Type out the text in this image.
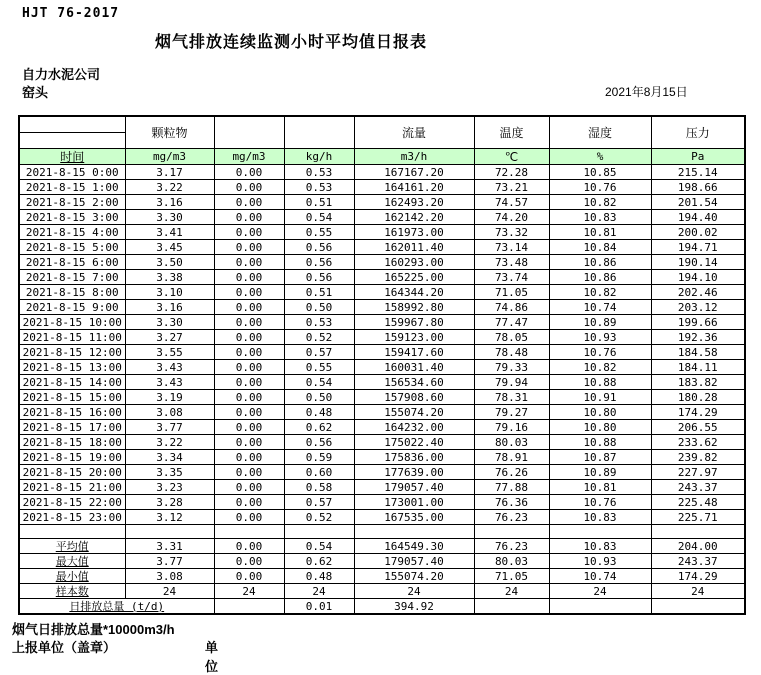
HJT 76-2017
烟气排放连续监测小时平均值日报表
自力水泥公司
窑头	2021年8月15日
	颗粒物			流量	温度	湿度	压力
时间	mg/m3	mg/m3	kg/h	m3/h	℃	%	Pa
2021-8-15 0:00	3.17	0.00	0.53	167167.20	72.28	10.85	215.14
2021-8-15 1:00	3.22	0.00	0.53	164161.20	73.21	10.76	198.66
2021-8-15 2:00	3.16	0.00	0.51	162493.20	74.57	10.82	201.54
2021-8-15 3:00	3.30	0.00	0.54	162142.20	74.20	10.83	194.40
2021-8-15 4:00	3.41	0.00	0.55	161973.00	73.32	10.81	200.02
2021-8-15 5:00	3.45	0.00	0.56	162011.40	73.14	10.84	194.71
2021-8-15 6:00	3.50	0.00	0.56	160293.00	73.48	10.86	190.14
2021-8-15 7:00	3.38	0.00	0.56	165225.00	73.74	10.86	194.10
2021-8-15 8:00	3.10	0.00	0.51	164344.20	71.05	10.82	202.46
2021-8-15 9:00	3.16	0.00	0.50	158992.80	74.86	10.74	203.12
2021-8-15 10:00	3.30	0.00	0.53	159967.80	77.47	10.89	199.66
2021-8-15 11:00	3.27	0.00	0.52	159123.00	78.05	10.93	192.36
2021-8-15 12:00	3.55	0.00	0.57	159417.60	78.48	10.76	184.58
2021-8-15 13:00	3.43	0.00	0.55	160031.40	79.33	10.82	184.11
2021-8-15 14:00	3.43	0.00	0.54	156534.60	79.94	10.88	183.82
2021-8-15 15:00	3.19	0.00	0.50	157908.60	78.31	10.91	180.28
2021-8-15 16:00	3.08	0.00	0.48	155074.20	79.27	10.80	174.29
2021-8-15 17:00	3.77	0.00	0.62	164232.00	79.16	10.80	206.55
2021-8-15 18:00	3.22	0.00	0.56	175022.40	80.03	10.88	233.62
2021-8-15 19:00	3.34	0.00	0.59	175836.00	78.91	10.87	239.82
2021-8-15 20:00	3.35	0.00	0.60	177639.00	76.26	10.89	227.97
2021-8-15 21:00	3.23	0.00	0.58	179057.40	77.88	10.81	243.37
2021-8-15 22:00	3.28	0.00	0.57	173001.00	76.36	10.76	225.48
2021-8-15 23:00	3.12	0.00	0.52	167535.00	76.23	10.83	225.71

平均值	3.31	0.00	0.54	164549.30	76.23	10.83	204.00
最大值	3.77	0.00	0.62	179057.40	80.03	10.93	243.37
最小值	3.08	0.00	0.48	155074.20	71.05	10.74	174.29
样本数	24	24	24	24	24	24	24
日排放总量 (t/d)			0.01	394.92			
烟气日排放总量*10000m3/h
上报单位（盖章）	单位
